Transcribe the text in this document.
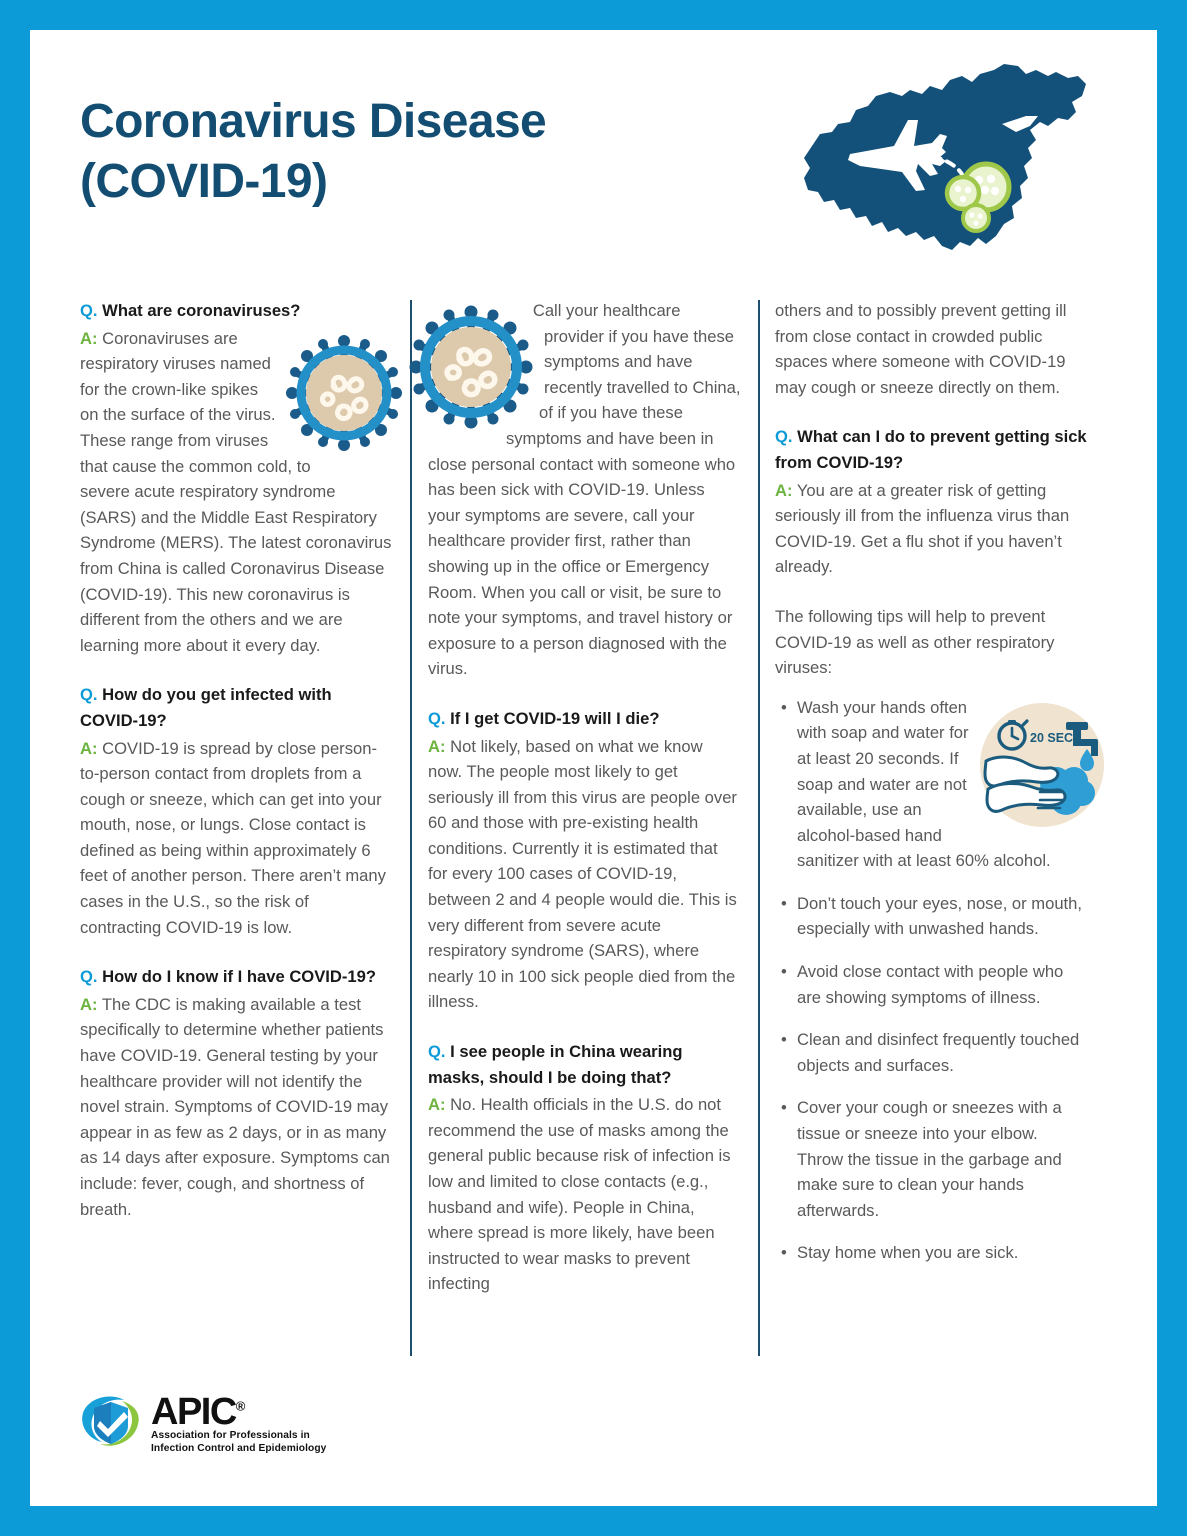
Coronavirus Disease
(COVID-19)
Q. What are coronaviruses?

A: Coronaviruses are respiratory viruses named for the crown-like spikes on the surface of the virus. These range from viruses that cause the common cold, to severe acute respiratory syndrome (SARS) and the Middle East Respiratory Syndrome (MERS). The latest coronavirus from China is called Coronavirus Disease (COVID-19). This new coronavirus is different from the others and we are learning more about it every day.

Q. How do you get infected with COVID-19?

A: COVID-19 is spread by close person-to-person contact from droplets from a cough or sneeze, which can get into your mouth, nose, or lungs. Close contact is defined as being within approximately 6 feet of another person. There aren’t many cases in the U.S., so the risk of contracting COVID-19 is low.

Q. How do I know if I have COVID-19?

A: The CDC is making available a test specifically to determine whether patients have COVID-19. General testing by your healthcare provider will not identify the novel strain. Symptoms of COVID-19 may appear in as few as 2 days, or in as many as 14 days after exposure. Symptoms can include: fever, cough, and shortness of breath.

Call your healthcare provider if you have these symptoms and have recently travelled to China, of if you have these symptoms and have been in close personal contact with someone who has been sick with COVID-19. Unless your symptoms are severe, call your healthcare provider first, rather than showing up in the office or Emergency Room. When you call or visit, be sure to note your symptoms, and travel history or exposure to a person diagnosed with the virus.

Q. If I get COVID-19 will I die?

A: Not likely, based on what we know now. The people most likely to get seriously ill from this virus are people over 60 and those with pre-existing health conditions. Currently it is estimated that for every 100 cases of COVID-19, between 2 and 4 people would die. This is very different from severe acute respiratory syndrome (SARS), where nearly 10 in 100 sick people died from the illness.

Q. I see people in China wearing masks, should I be doing that?

A: No. Health officials in the U.S. do not recommend the use of masks among the general public because risk of infection is low and limited to close contacts (e.g., husband and wife). People in China, where spread is more likely, have been instructed to wear masks to prevent infecting

others and to possibly prevent getting ill from close contact in crowded public spaces where someone with COVID-19 may cough or sneeze directly on them.

Q. What can I do to prevent getting sick from COVID-19?

A: You are at a greater risk of getting seriously ill from the influenza virus than COVID-19. Get a flu shot if you haven’t already.

The following tips will help to prevent COVID-19 as well as other respiratory viruses:

• 20 SEC
Wash your hands often with soap and water for at least 20 seconds. If soap and water are not available, use an alcohol-based hand sanitizer with at least 60% alcohol.
• Don’t touch your eyes, nose, or mouth, especially with unwashed hands.
• Avoid close contact with people who are showing symptoms of illness.
• Clean and disinfect frequently touched objects and surfaces.
• Cover your cough or sneezes with a tissue or sneeze into your elbow. Throw the tissue in the garbage and make sure to clean your hands afterwards.
• Stay home when you are sick.
APIC®
Association for Professionals in
Infection Control and Epidemiology
